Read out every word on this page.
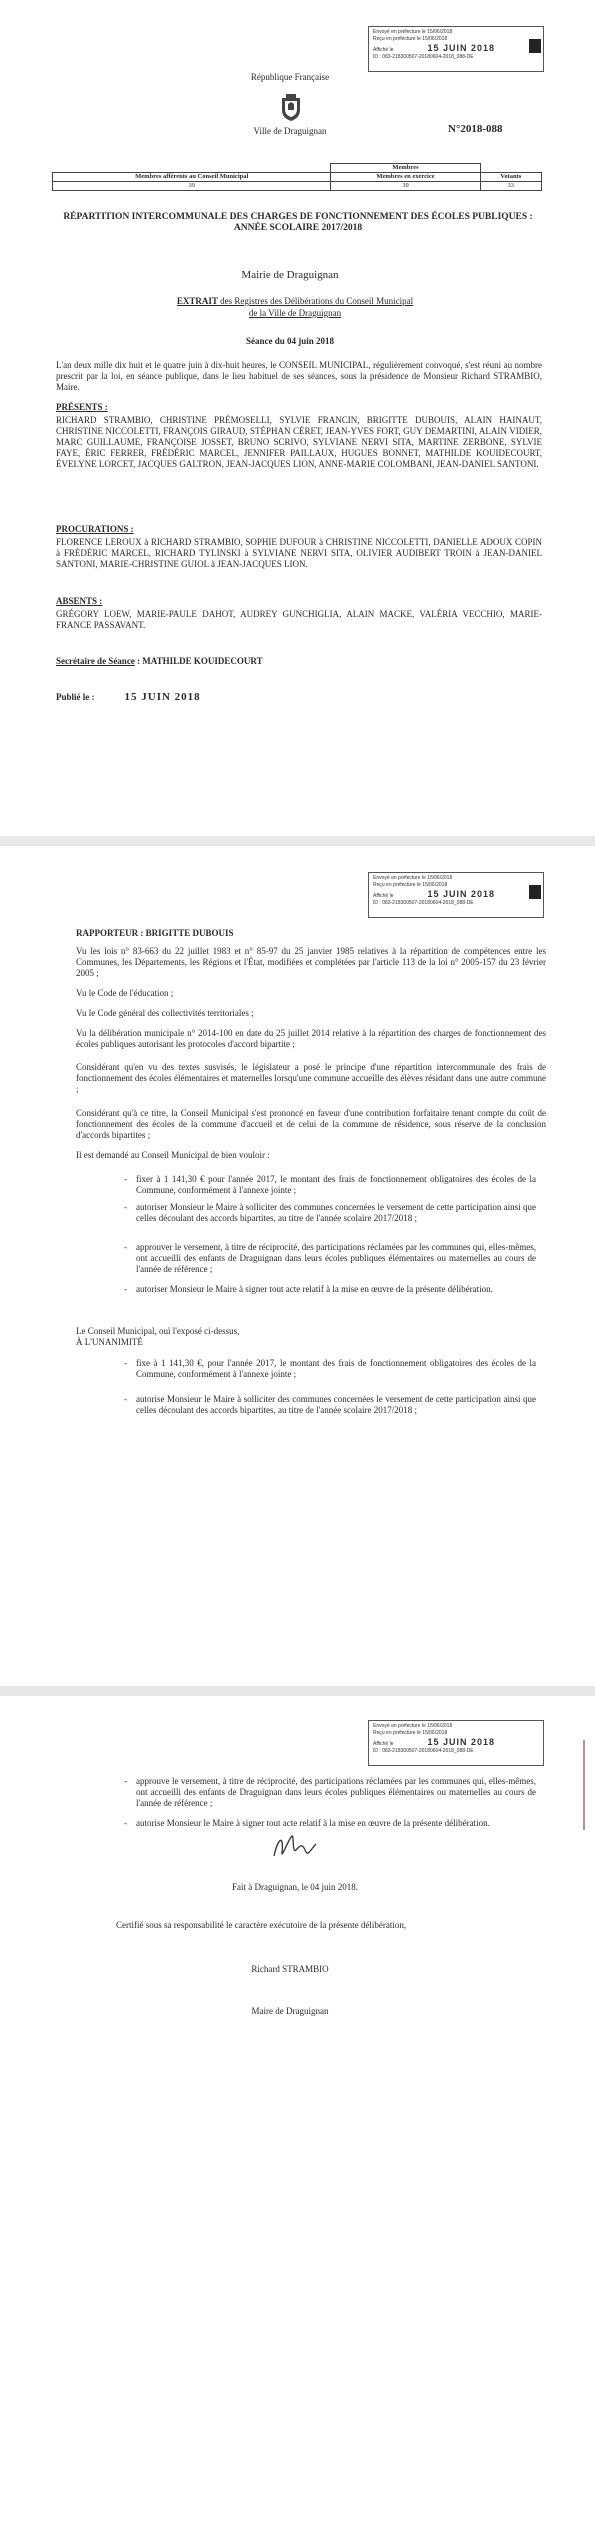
Envoyé en préfecture le 15/06/2018
Reçu en préfecture le 15/06/2018
Affiché le	15 JUIN 2018
ID : 083-218300507-20180604-2018_088-DE
République Française
Ville de Draguignan	N°2018-088
	Membres	
Membres afférents au Conseil Municipal	Membres en exercice	Votants
39	39	33
RÉPARTITION INTERCOMMUNALE DES CHARGES DE FONCTIONNEMENT DES ÉCOLES PUBLIQUES : ANNÉE SCOLAIRE 2017/2018
Mairie de Draguignan
EXTRAIT des Registres des Délibérations du Conseil Municipal
de la Ville de Draguignan
Séance du 04 juin 2018
L'an deux mille dix huit et le quatre juin à dix-huit heures, le CONSEIL MUNICIPAL, régulièrement convoqué, s'est réuni au nombre prescrit par la loi, en séance publique, dans le lieu habituel de ses séances, sous la présidence de Monsieur Richard STRAMBIO, Maire.
PRÉSENTS :
RICHARD STRAMBIO, CHRISTINE PRÉMOSELLI, SYLVIE FRANCIN, BRIGITTE DUBOUIS, ALAIN HAINAUT, CHRISTINE NICCOLETTI, FRANÇOIS GIRAUD, STÉPHAN CÉRET, JEAN-YVES FORT, GUY DEMARTINI, ALAIN VIDIER, MARC GUILLAUME, FRANÇOISE JOSSET, BRUNO SCRIVO, SYLVIANE NERVI SITA, MARTINE ZERBONE, SYLVIE FAYE, ÉRIC FERRER, FRÉDÉRIC MARCEL, JENNIFER PAILLAUX, HUGUES BONNET, MATHILDE KOUIDECOURT, ÉVELYNE LORCET, JACQUES GALTRON, JEAN-JACQUES LION, ANNE-MARIE COLOMBANI, JEAN-DANIEL SANTONI.
PROCURATIONS :
FLORENCE LEROUX à RICHARD STRAMBIO, SOPHIE DUFOUR à CHRISTINE NICCOLETTI, DANIELLE ADOUX COPIN à FRÉDÉRIC MARCEL, RICHARD TYLINSKI à SYLVIANE NERVI SITA, OLIVIER AUDIBERT TROIN à JEAN-DANIEL SANTONI, MARIE-CHRISTINE GUIOL à JEAN-JACQUES LION.
ABSENTS :
GRÉGORY LOEW, MARIE-PAULE DAHOT, AUDREY GUNCHIGLIA, ALAIN MACKE, VALÉRIA VECCHIO, MARIE-FRANCE PASSAVANT.
Secrétaire de Séance : MATHILDE KOUIDECOURT
Publié le :	15 JUIN 2018
Envoyé en préfecture le 15/06/2018
Reçu en préfecture le 15/06/2018
Affiché le	15 JUIN 2018
ID : 083-218300507-20180604-2018_088-DE
RAPPORTEUR : BRIGITTE DUBOUIS
Vu les lois n° 83-663 du 22 juillet 1983 et n° 85-97 du 25 janvier 1985 relatives à la répartition de compétences entre les Communes, les Départements, les Régions et l'État, modifiées et complétées par l'article 113 de la loi n° 2005-157 du 23 février 2005 ;
Vu le Code de l'éducation ;
Vu le Code général des collectivités territoriales ;
Vu la délibération municipale n° 2014-100 en date du 25 juillet 2014 relative à la répartition des charges de fonctionnement des écoles publiques autorisant les protocoles d'accord bipartite ;
Considérant qu'en vu des textes susvisés, le législateur a posé le principe d'une répartition intercommunale des frais de fonctionnement des écoles élémentaires et maternelles lorsqu'une commune accueille des élèves résidant dans une autre commune ;
Considérant qu'à ce titre, la Conseil Municipal s'est prononcé en faveur d'une contribution forfaitaire tenant compte du coût de fonctionnement des écoles de la commune d'accueil et de celui de la commune de résidence, sous réserve de la conclusion d'accords bipartites ;
Il est demandé au Conseil Municipal de bien vouloir :
- fixer à 1 141,30 € pour l'année 2017, le montant des frais de fonctionnement obligatoires des écoles de la Commune, conformément à l'annexe jointe ;
- autoriser Monsieur le Maire à solliciter des communes concernées le versement de cette participation ainsi que celles découlant des accords bipartites, au titre de l'année scolaire 2017/2018 ;
- approuver le versement, à titre de réciprocité, des participations réclamées par les communes qui, elles-mêmes, ont accueilli des enfants de Draguignan dans leurs écoles publiques élémentaires ou maternelles au cours de l'année de référence ;
- autoriser Monsieur le Maire à signer tout acte relatif à la mise en œuvre de la présente délibération.
Le Conseil Municipal, ouï l'exposé ci-dessus,
À L'UNANIMITÉ
- fixe à 1 141,30 €, pour l'année 2017, le montant des frais de fonctionnement obligatoires des écoles de la Commune, conformément à l'annexe jointe ;
- autorise Monsieur le Maire à solliciter des communes concernées le versement de cette participation ainsi que celles découlant des accords bipartites, au titre de l'année scolaire 2017/2018 ;
Envoyé en préfecture le 15/06/2018
Reçu en préfecture le 15/06/2018
Affiché le	15 JUIN 2018
ID : 083-218300507-20180604-2018_088-DE
- approuve le versement, à titre de réciprocité, des participations réclamées par les communes qui, elles-mêmes, ont accueilli des enfants de Draguignan dans leurs écoles publiques élémentaires ou maternelles au cours de l'année de référence ;
- autorise Monsieur le Maire à signer tout acte relatif à la mise en œuvre de la présente délibération.
Fait à Draguignan, le 04 juin 2018.
Certifié sous sa responsabilité le caractère exécutoire de la présente délibération,
Richard STRAMBIO
Maire de Draguignan
